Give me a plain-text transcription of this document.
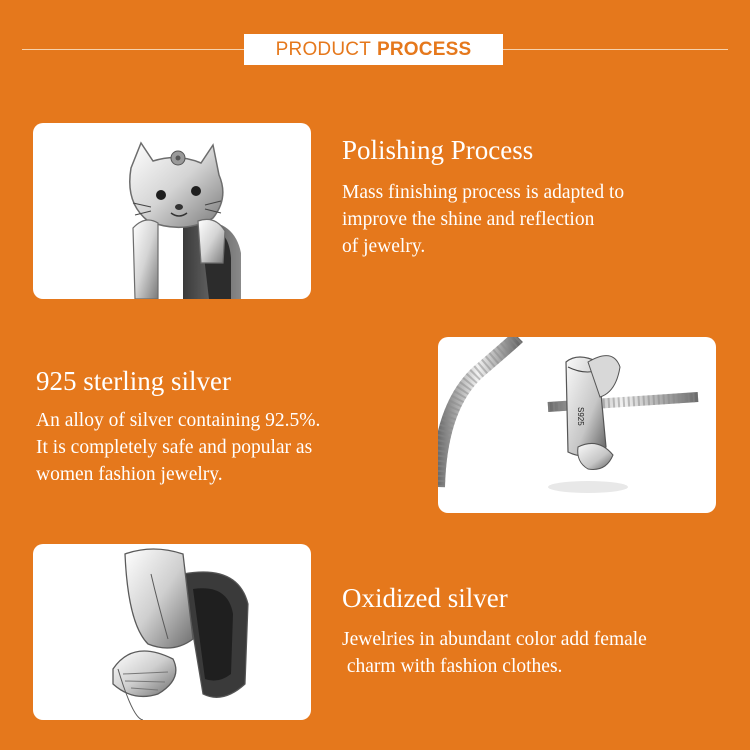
PRODUCT PROCESS
Polishing Process
Mass finishing process is adapted to
improve the shine and reflection
of jewelry.
925 sterling silver
An alloy of silver containing 92.5%.
It is completely safe and popular as
women fashion jewelry.
S925
Oxidized silver
Jewelries in abundant color add female
charm with fashion clothes.
